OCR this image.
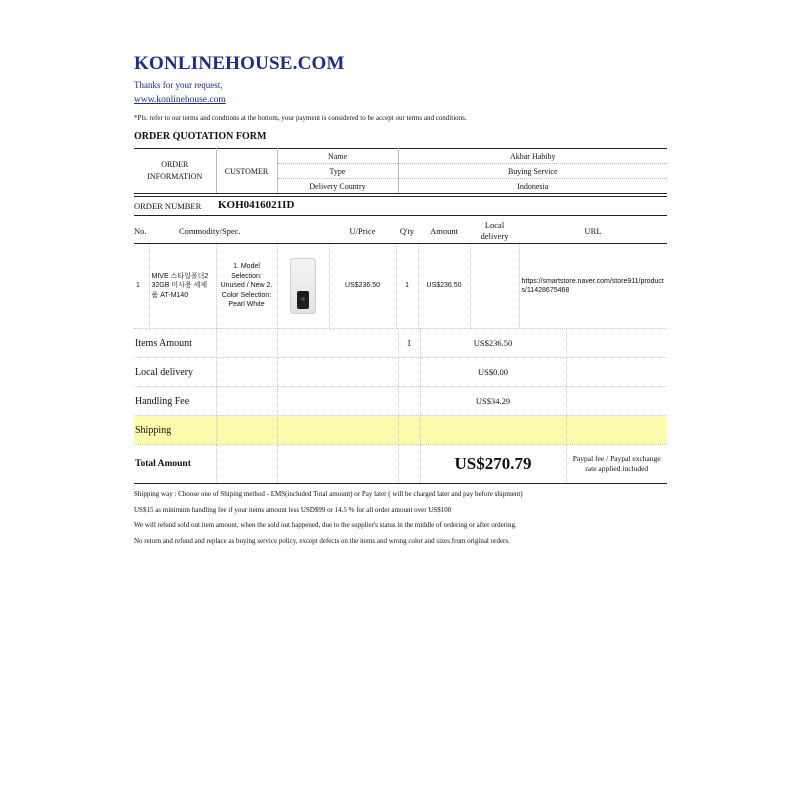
KONLINEHOUSE.COM
Thanks for your request,
www.konlinehouse.com
*Pls. refer to our terms and condtions at the bottom, your payment is considered to be accept our terms and conditions.
ORDER QUOTATION FORM
ORDER INFORMATION	CUSTOMER	Name	Akbar Habiby
		Type	Buying Service
		Delivery Country	Indonesia
ORDER NUMBER KOH0416021ID
No.	Commodity/Spec.			U/Price	Q'ty	Amount	Local delivery	URL
1	MIVE 스타일폴더2 32GB 미사용 세제품 AT-M140	1. Model Selection: Unused / New 2. Color Selection: Pearl White		US$236.50	1	US$236.50		https://smartstore.naver.com/store911/products/11428675468
Items Amount			1	US$236.50	
Local delivery				US$0.00	
Handling Fee				US$34.29	
Shipping					
Total Amount				US$270.79	Paypal fee / Paypal exchange rate applied included
Shipping way : Choose one of Shiping method - EMS(included Total amount) or Pay later ( will be charged later and pay before shipment)
US$15 as minimum handling fee if your items amount less USD$99 or 14.5 % for all order amount over US$100
We will refund sold out item amount, when the sold out happened, due to the supplier's status in the middle of ordering or after ordering.
No return and refund and replace as buying service policy, except defects on the items and wrong color and sizes from original orders.
